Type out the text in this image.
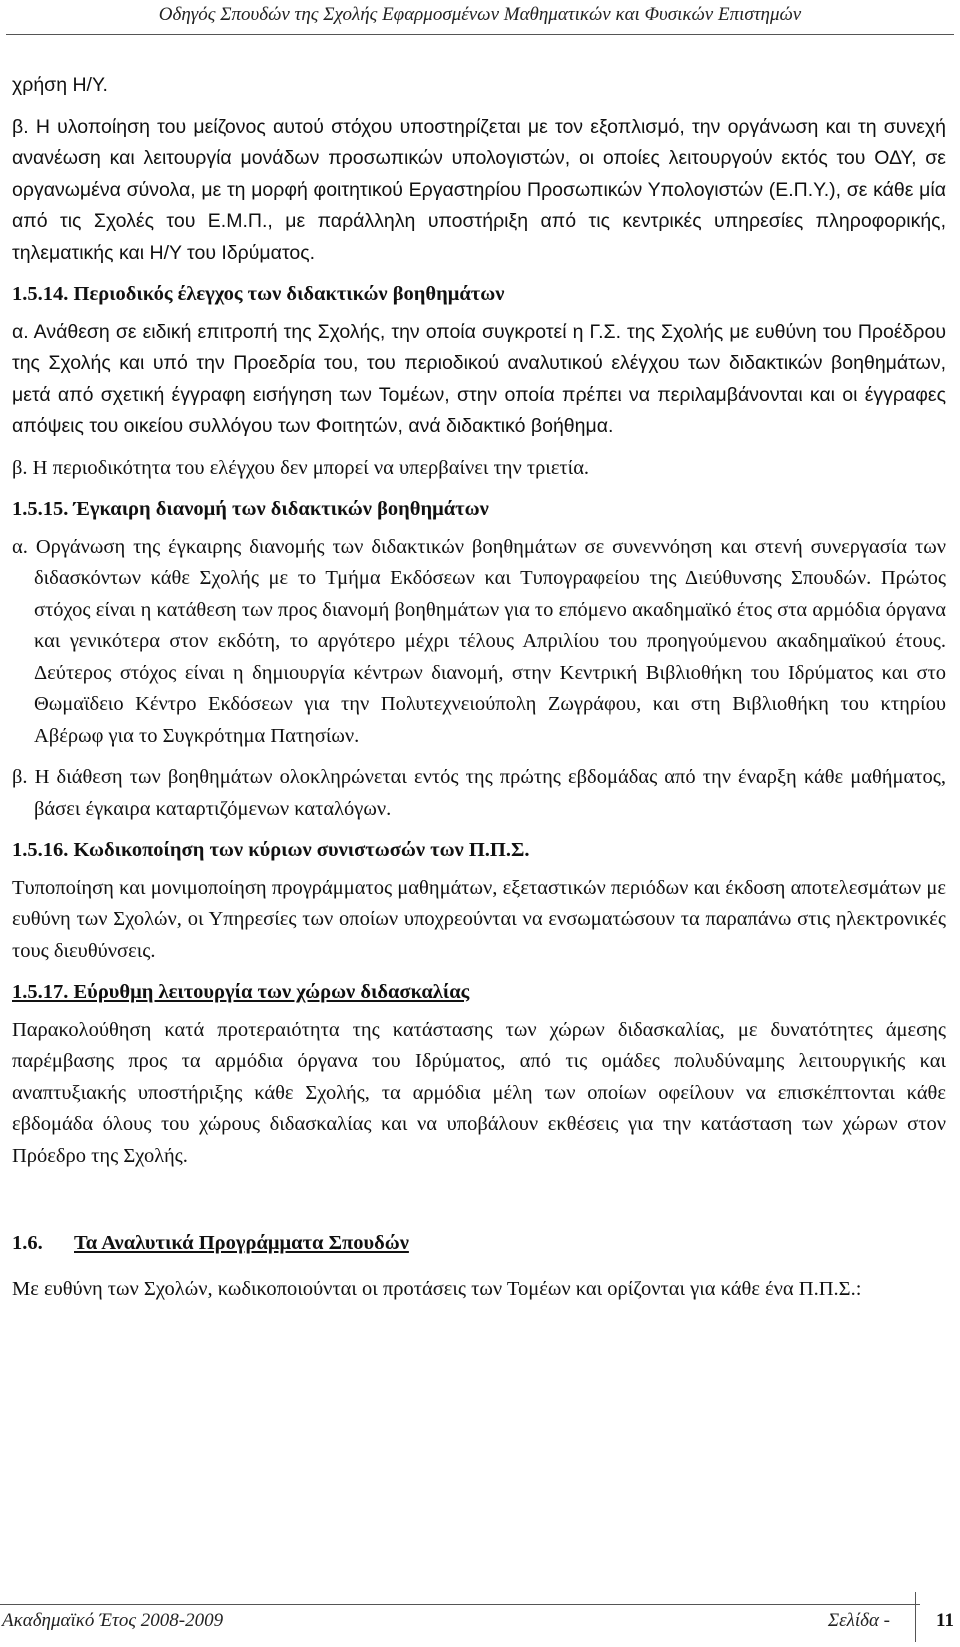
Οδηγός Σπουδών της Σχολής Εφαρμοσμένων Μαθηματικών και Φυσικών Επιστημών

χρήση Η/Υ.

β. Η υλοποίηση του μείζονος αυτού στόχου υποστηρίζεται με τον εξοπλισμό, την οργάνωση και τη συνεχή ανανέωση και λειτουργία μονάδων προσωπικών υπολογιστών, οι οποίες λειτουργούν εκτός του ΟΔΥ, σε οργανωμένα σύνολα, με τη μορφή φοιτητικού Εργαστηρίου Προσωπικών Υπολογιστών (Ε.Π.Υ.), σε κάθε μία από τις Σχολές του Ε.Μ.Π., με παράλληλη υποστήριξη από τις κεντρικές υπηρεσίες πληροφορικής, τηλεματικής και Η/Υ του Ιδρύματος.

1.5.14. Περιοδικός έλεγχος των διδακτικών βοηθημάτων

α. Ανάθεση σε ειδική επιτροπή της Σχολής, την οποία συγκροτεί η Γ.Σ. της Σχολής με ευθύνη του Προέδρου της Σχολής και υπό την Προεδρία του, του περιοδικού αναλυτικού ελέγχου των διδακτικών βοηθημάτων, μετά από σχετική έγγραφη εισήγηση των Τομέων, στην οποία πρέπει να περιλαμβάνονται και οι έγγραφες απόψεις του οικείου συλλόγου των Φοιτητών, ανά διδακτικό βοήθημα.

β. Η περιοδικότητα του ελέγχου δεν μπορεί να υπερβαίνει την τριετία.

1.5.15. Έγκαιρη διανομή των διδακτικών βοηθημάτων

α. Οργάνωση της έγκαιρης διανομής των διδακτικών βοηθημάτων σε συνεννόηση και στενή συνεργασία των διδασκόντων κάθε Σχολής με το Τμήμα Εκδόσεων και Τυπογραφείου της Διεύθυνσης Σπουδών. Πρώτος στόχος είναι η κατάθεση των προς διανομή βοηθημάτων για το επόμενο ακαδημαϊκό έτος στα αρμόδια όργανα και γενικότερα στον εκδότη, το αργότερο μέχρι τέλους Απριλίου του προηγούμενου ακαδημαϊκού έτους. Δεύτερος στόχος είναι η δημιουργία κέντρων διανομή, στην Κεντρική Βιβλιοθήκη του Ιδρύματος και στο Θωμαϊδειο Κέντρο Εκδόσεων για την Πολυτεχνειούπολη Ζωγράφου, και στη Βιβλιοθήκη του κτηρίου Αβέρωφ για το Συγκρότημα Πατησίων.

β. Η διάθεση των βοηθημάτων ολοκληρώνεται εντός της πρώτης εβδομάδας από την έναρξη κάθε μαθήματος, βάσει έγκαιρα καταρτιζόμενων καταλόγων.

1.5.16. Κωδικοποίηση των κύριων συνιστωσών των Π.Π.Σ.

Τυποποίηση και μονιμοποίηση προγράμματος μαθημάτων, εξεταστικών περιόδων και έκδοση αποτελεσμάτων με ευθύνη των Σχολών, οι Υπηρεσίες των οποίων υποχρεούνται να ενσωματώσουν τα παραπάνω στις ηλεκτρονικές τους διευθύνσεις.

1.5.17. Εύρυθμη λειτουργία των χώρων διδασκαλίας

Παρακολούθηση κατά προτεραιότητα της κατάστασης των χώρων διδασκαλίας, με δυνατότητες άμεσης παρέμβασης προς τα αρμόδια όργανα του Ιδρύματος, από τις ομάδες πολυδύναμης λειτουργικής και αναπτυξιακής υποστήριξης κάθε Σχολής, τα αρμόδια μέλη των οποίων οφείλουν να επισκέπτονται κάθε εβδομάδα όλους του χώρους διδασκαλίας και να υποβάλουν εκθέσεις για την κατάσταση των χώρων στον Πρόεδρο της Σχολής.

1.6. Τα Αναλυτικά Προγράμματα Σπουδών

Με ευθύνη των Σχολών, κωδικοποιούνται οι προτάσεις των Τομέων και ορίζονται για κάθε ένα Π.Π.Σ.:

Ακαδημαϊκό Έτος 2008-2009	Σελίδα - 11
